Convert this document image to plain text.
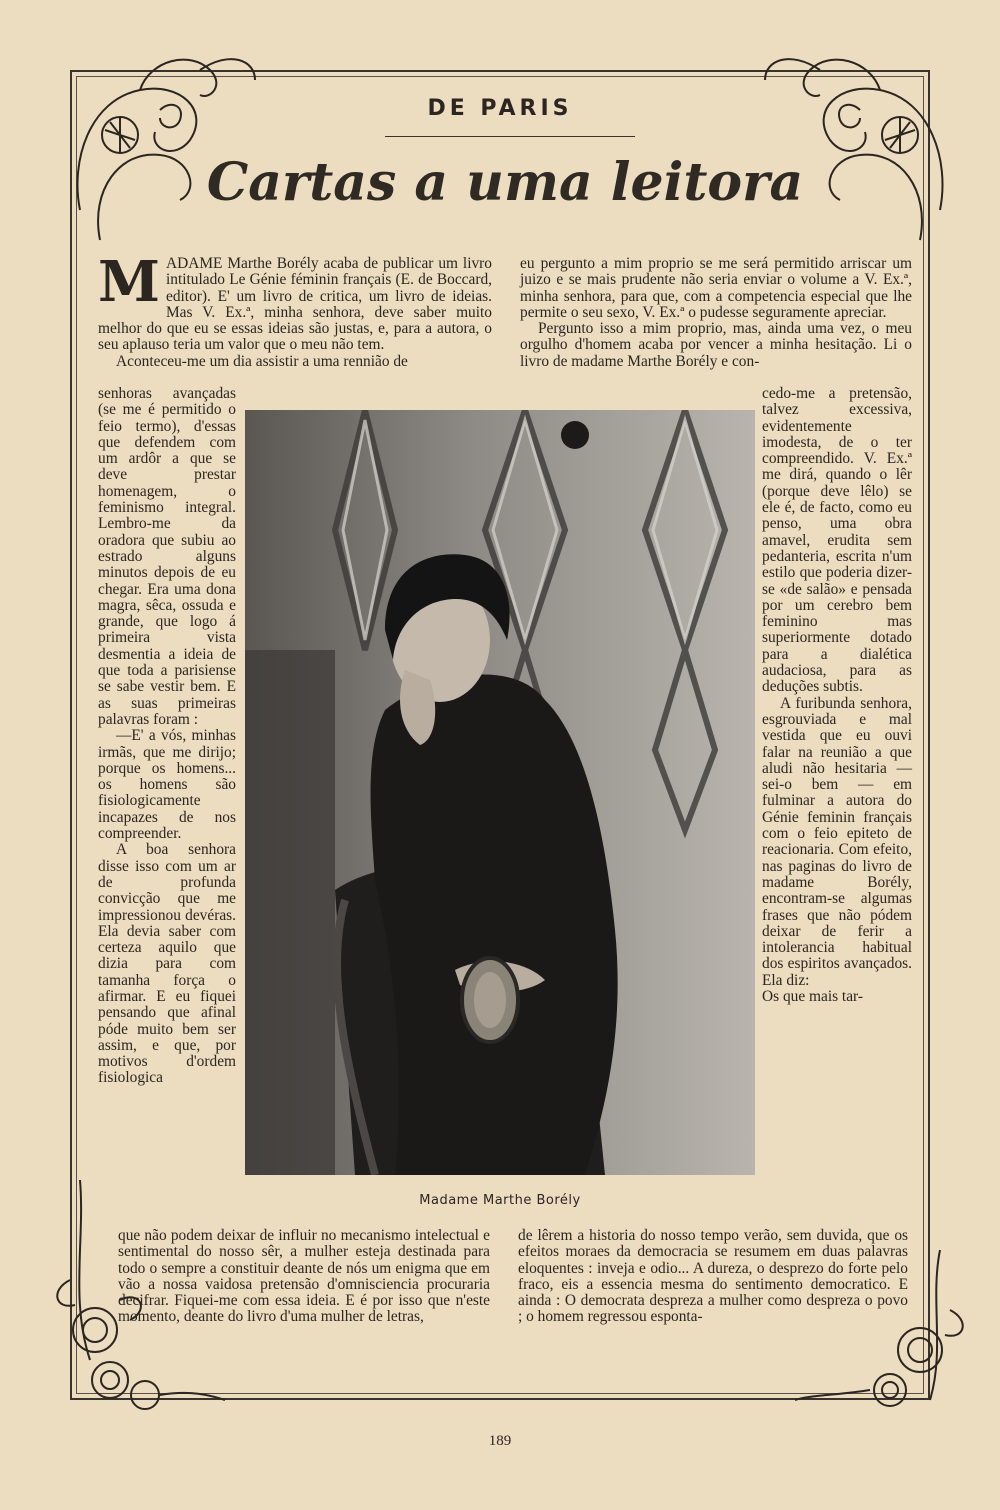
DE PARIS
Cartas a uma leitora

MADAME Marthe Borély acaba de publicar um livro intitulado Le Génie féminin français (E. de Boccard, editor). E' um livro de critica, um livro de ideias. Mas V. Ex.ª, minha senhora, deve saber muito melhor do que eu se essas ideias são justas, e, para a autora, o seu aplauso teria um valor que o meu não tem.

Aconteceu-me um dia assistir a uma rennião de

senhoras avançadas (se me é permitido o feio termo), d'essas que defendem com um ardôr a que se deve prestar homenagem, o feminismo integral. Lembro-me da oradora que subiu ao estrado alguns minutos depois de eu chegar. Era uma dona magra, sêca, ossuda e grande, que logo á primeira vista desmentia a ideia de que toda a parisiense se sabe vestir bem. E as suas primeiras palavras foram :

—E' a vós, minhas irmãs, que me dirijo; porque os homens... os homens são fisiologicamente incapazes de nos compreender.

A boa senhora disse isso com um ar de profunda convicção que me impressionou devéras. Ela devia saber com certeza aquilo que dizia para com tamanha força o afirmar. E eu fiquei pensando que afinal póde muito bem ser assim, e que, por motivos d'ordem fisiologica

que não podem deixar de influir no mecanismo intelectual e sentimental do nosso sêr, a mulher esteja destinada para todo o sempre a constituir deante de nós um enigma que em vão a nossa vaidosa pretensão d'omnisciencia procuraria decifrar. Fiquei-me com essa ideia. E é por isso que n'este momento, deante do livro d'uma mulher de letras,

eu pergunto a mim proprio se me será permitido arriscar um juizo e se mais prudente não seria enviar o volume a V. Ex.ª, minha senhora, para que, com a competencia especial que lhe permite o seu sexo, V. Ex.ª o pudesse seguramente apreciar.

Pergunto isso a mim proprio, mas, ainda uma vez, o meu orgulho d'homem acaba por vencer a minha hesitação. Li o livro de madame Marthe Borély e con-

cedo-me a pretensão, talvez excessiva, evidentemente imodesta, de o ter compreendido. V. Ex.ª me dirá, quando o lêr (porque deve lêlo) se ele é, de facto, como eu penso, uma obra amavel, erudita sem pedanteria, escrita n'um estilo que poderia dizer-se «de salão» e pensada por um cerebro bem feminino mas superiormente dotado para a dialética audaciosa, para as deduções subtis.

A furibunda senhora, esgrouviada e mal vestida que eu ouvi falar na reunião a que aludi não hesitaria — sei-o bem — em fulminar a autora do Génie feminin français com o feio epiteto de reacionaria. Com efeito, nas paginas do livro de madame Borély, encontram-se algumas frases que não pódem deixar de ferir a intolerancia habitual dos espiritos avançados. Ela diz:

Os que mais tar-

de lêrem a historia do nosso tempo verão, sem duvida, que os efeitos moraes da democracia se resumem em duas palavras eloquentes : inveja e odio... A dureza, o desprezo do forte pelo fraco, eis a essencia mesma do sentimento democratico. E ainda : O democrata despreza a mulher como despreza o povo ; o homem regressou esponta-

Madame Marthe Borély
189
